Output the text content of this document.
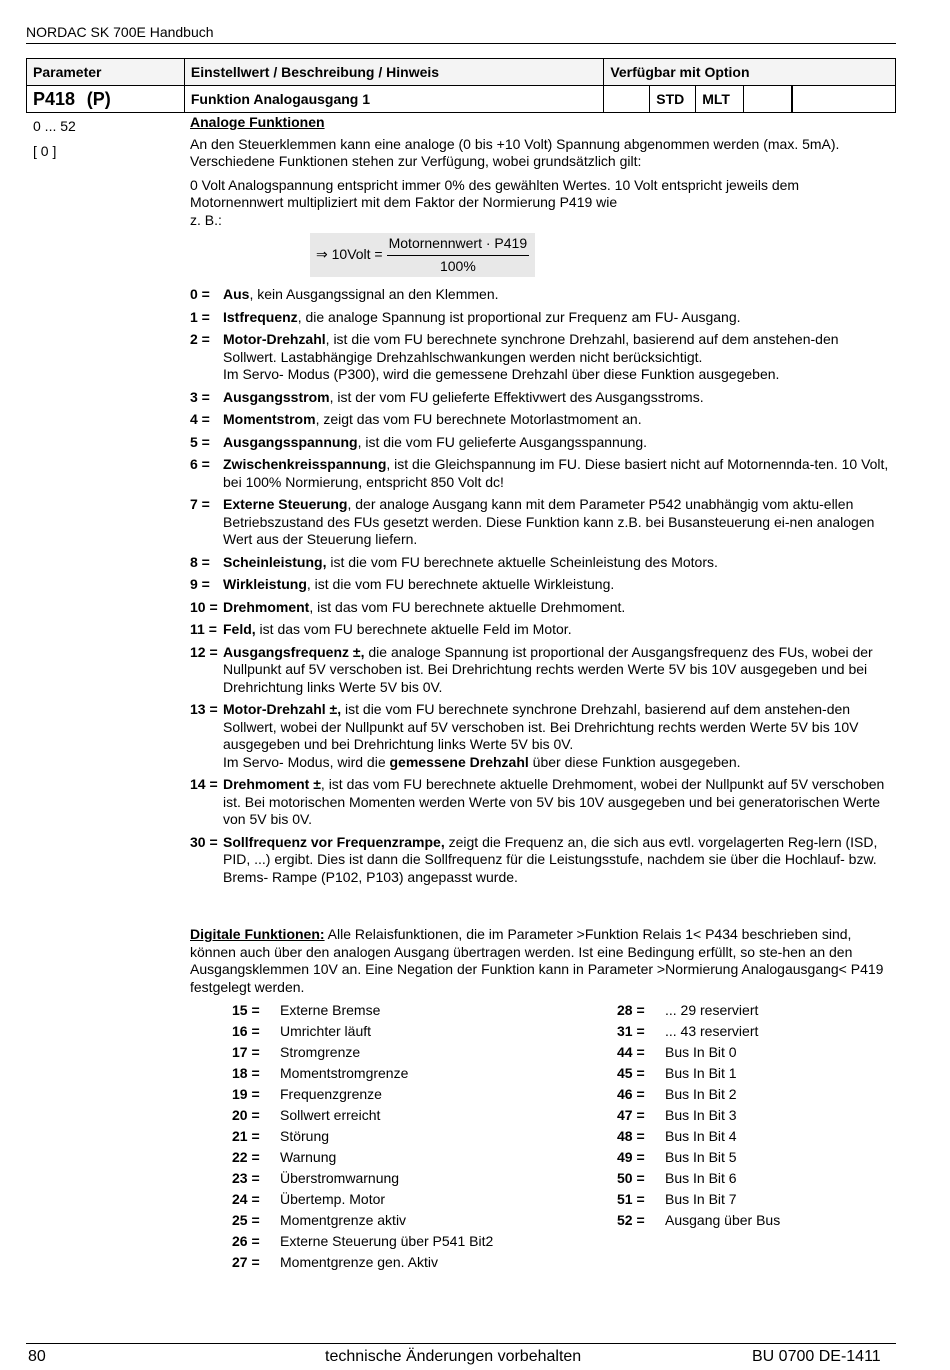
NORDAC SK 700E Handbuch
Parameter	Einstellwert / Beschreibung / Hinweis	Verfügbar mit Option				
P418 (P)	Funktion Analogausgang 1		STD	MLT		
0 ... 52
[ 0 ]

Analoge Funktionen

An den Steuerklemmen kann eine analoge (0 bis +10 Volt) Spannung abgenommen werden (max. 5mA). Verschiedene Funktionen stehen zur Verfügung, wobei grundsätzlich gilt:

0 Volt Analogspannung entspricht immer 0% des gewählten Wertes. 10 Volt entspricht jeweils dem Motornennwert multipliziert mit dem Faktor der Normierung P419 wie

z. B.:

⇒ 10Volt = $\frac{\text{Motornennwert · P419}}{100\%}$
0 = Aus, kein Ausgangssignal an den Klemmen.
1 = Istfrequenz, die analoge Spannung ist proportional zur Frequenz am FU- Ausgang.
2 = Motor-Drehzahl, ist die vom FU berechnete synchrone Drehzahl, basierend auf dem anstehen-den Sollwert. Lastabhängige Drehzahlschwankungen werden nicht berücksichtigt.
Im Servo- Modus (P300), wird die gemessene Drehzahl über diese Funktion ausgegeben.
3 = Ausgangsstrom, ist der vom FU gelieferte Effektivwert des Ausgangsstroms.
4 = Momentstrom, zeigt das vom FU berechnete Motorlastmoment an.
5 = Ausgangsspannung, ist die vom FU gelieferte Ausgangsspannung.
6 = Zwischenkreisspannung, ist die Gleichspannung im FU. Diese basiert nicht auf Motornennda-ten. 10 Volt, bei 100% Normierung, entspricht 850 Volt dc!
7 = Externe Steuerung, der analoge Ausgang kann mit dem Parameter P542 unabhängig vom aktu-ellen Betriebszustand des FUs gesetzt werden. Diese Funktion kann z.B. bei Busansteuerung ei-nen analogen Wert aus der Steuerung liefern.
8 = Scheinleistung, ist die vom FU berechnete aktuelle Scheinleistung des Motors.
9 = Wirkleistung, ist die vom FU berechnete aktuelle Wirkleistung.
10 = Drehmoment, ist das vom FU berechnete aktuelle Drehmoment.
11 = Feld, ist das vom FU berechnete aktuelle Feld im Motor.
12 = Ausgangsfrequenz ±, die analoge Spannung ist proportional der Ausgangsfrequenz des FUs, wobei der Nullpunkt auf 5V verschoben ist. Bei Drehrichtung rechts werden Werte 5V bis 10V ausgegeben und bei Drehrichtung links Werte 5V bis 0V.
13 = Motor-Drehzahl ±, ist die vom FU berechnete synchrone Drehzahl, basierend auf dem anstehen-den Sollwert, wobei der Nullpunkt auf 5V verschoben ist. Bei Drehrichtung rechts werden Werte 5V bis 10V ausgegeben und bei Drehrichtung links Werte 5V bis 0V.
Im Servo- Modus, wird die gemessene Drehzahl über diese Funktion ausgegeben.
14 = Drehmoment ±, ist das vom FU berechnete aktuelle Drehmoment, wobei der Nullpunkt auf 5V verschoben ist. Bei motorischen Momenten werden Werte von 5V bis 10V ausgegeben und bei generatorischen Werte von 5V bis 0V.
30 = Sollfrequenz vor Frequenzrampe, zeigt die Frequenz an, die sich aus evtl. vorgelagerten Reg-lern (ISD, PID, ...) ergibt. Dies ist dann die Sollfrequenz für die Leistungsstufe, nachdem sie über die Hochlauf- bzw. Brems- Rampe (P102, P103) angepasst wurde.

Digitale Funktionen: Alle Relaisfunktionen, die im Parameter >Funktion Relais 1< P434 beschrieben sind, können auch über den analogen Ausgang übertragen werden. Ist eine Bedingung erfüllt, so ste-hen an den Ausgangsklemmen 10V an. Eine Negation der Funktion kann in Parameter >Normierung Analogausgang< P419 festgelegt werden.

15 =	Externe Bremse
16 =	Umrichter läuft
17 =	Stromgrenze
18 =	Momentstromgrenze
19 =	Frequenzgrenze
20 =	Sollwert erreicht
21 =	Störung
22 =	Warnung
23 =	Überstromwarnung
24 =	Übertemp. Motor
25 =	Momentgrenze aktiv
26 =	Externe Steuerung über P541 Bit2
27 =	Momentgrenze gen. Aktiv
28 =	... 29 reserviert
31 =	... 43 reserviert
44 =	Bus In Bit 0
45 =	Bus In Bit 1
46 =	Bus In Bit 2
47 =	Bus In Bit 3
48 =	Bus In Bit 4
49 =	Bus In Bit 5
50 =	Bus In Bit 6
51 =	Bus In Bit 7
52 =	Ausgang über Bus
80	technische Änderungen vorbehalten	BU 0700 DE-1411
